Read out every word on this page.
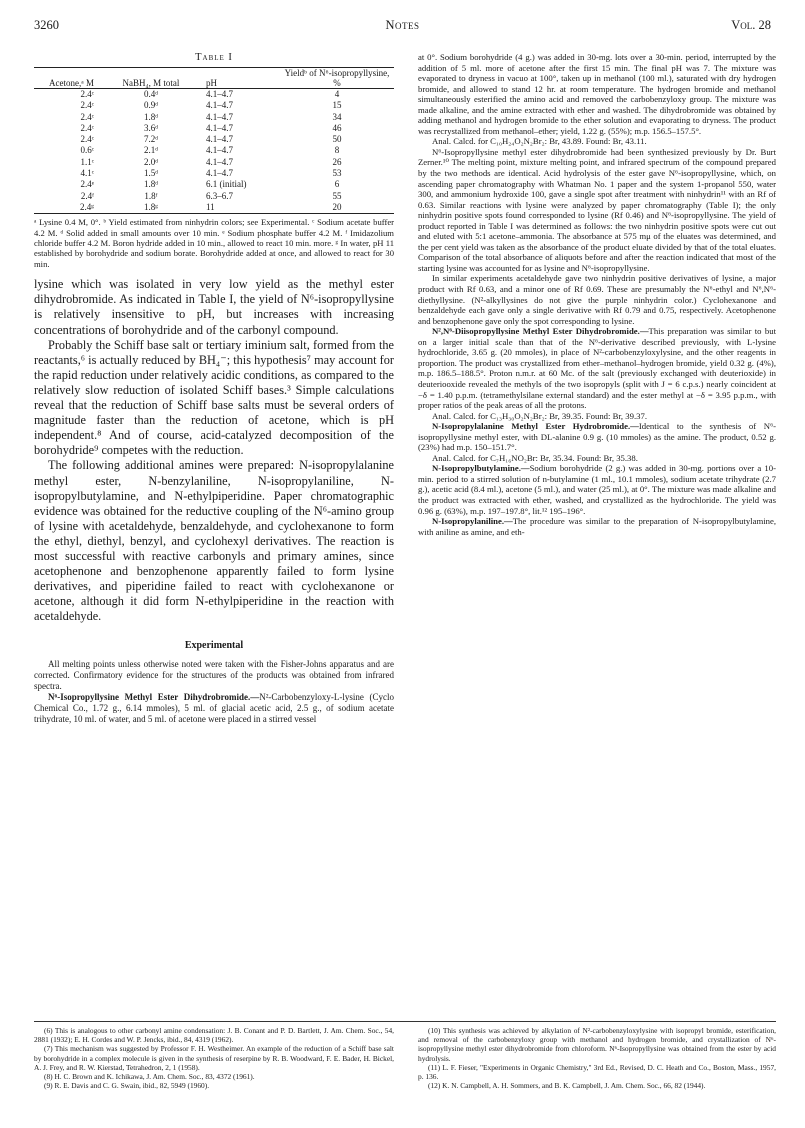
3260	Notes	Vol. 28
Table I
Acetone,ᵃ M	NaBH₄, M total	pH	Yieldᵇ of N⁶-isopropyllysine, %
2.4ᶜ	0.4ᵈ	4.1–4.7	4
2.4ᶜ	0.9ᵈ	4.1–4.7	15
2.4ᶜ	1.8ᵈ	4.1–4.7	34
2.4ᶜ	3.6ᵈ	4.1–4.7	46
2.4ᶜ	7.2ᵈ	4.1–4.7	50
0.6ᶜ	2.1ᵈ	4.1–4.7	8
1.1ᶜ	2.0ᵈ	4.1–4.7	26
4.1ᶜ	1.5ᵈ	4.1–4.7	53
2.4ᵉ	1.8ᵈ	6.1 (initial)	6
2.4ᶠ	1.8ᶠ	6.3–6.7	55
2.4ᵍ	1.8ᵍ	11	20
ᵃ Lysine 0.4 M, 0°. ᵇ Yield estimated from ninhydrin colors; see Experimental. ᶜ Sodium acetate buffer 4.2 M. ᵈ Solid added in small amounts over 10 min. ᵉ Sodium phosphate buffer 4.2 M. ᶠ Imidazolium chloride buffer 4.2 M. Boron hydride added in 10 min., allowed to react 10 min. more. ᵍ In water, pH 11 established by borohydride and sodium borate. Borohydride added at once, and allowed to react for 30 min.

lysine which was isolated in very low yield as the methyl ester dihydrobromide. As indicated in Table I, the yield of N⁶-isopropyllysine is relatively insensitive to pH, but increases with increasing concentrations of borohydride and of the carbonyl compound.

Probably the Schiff base salt or tertiary iminium salt, formed from the reactants,⁶ is actually reduced by BH₄⁻; this hypothesis⁷ may account for the rapid reduction under relatively acidic conditions, as compared to the relatively slow reduction of isolated Schiff bases.³ Simple calculations reveal that the reduction of Schiff base salts must be several orders of magnitude faster than the reduction of acetone, which is pH independent.⁸ And of course, acid-catalyzed decomposition of the borohydride⁹ competes with the reduction.

The following additional amines were prepared: N-isopropylalanine methyl ester, N-benzylaniline, N-isopropylaniline, N-isopropylbutylamine, and N-ethylpiperidine. Paper chromatographic evidence was obtained for the reductive coupling of the N⁶-amino group of lysine with acetaldehyde, benzaldehyde, and cyclohexanone to form the ethyl, diethyl, benzyl, and cyclohexyl derivatives. The reaction is most successful with reactive carbonyls and primary amines, since acetophenone and benzophenone apparently failed to form lysine derivatives, and piperidine failed to react with cyclohexanone or acetone, although it did form N-ethylpiperidine in the reaction with acetaldehyde.

Experimental

All melting points unless otherwise noted were taken with the Fisher-Johns apparatus and are corrected. Confirmatory evidence for the structures of the products was obtained from infrared spectra.

N⁶-Isopropyllysine Methyl Ester Dihydrobromide.—N²-Carbobenzyloxy-L-lysine (Cyclo Chemical Co., 1.72 g., 6.14 mmoles), 5 ml. of glacial acetic acid, 2.5 g., of sodium acetate trihydrate, 10 ml. of water, and 5 ml. of acetone were placed in a stirred vessel

at 0°. Sodium borohydride (4 g.) was added in 30-mg. lots over a 30-min. period, interrupted by the addition of 5 ml. more of acetone after the first 15 min. The final pH was 7. The mixture was evaporated to dryness in vacuo at 100°, taken up in methanol (100 ml.), saturated with dry hydrogen bromide, and allowed to stand 12 hr. at room temperature. The hydrogen bromide and methanol simultaneously esterified the amino acid and removed the carbobenzyloxy group. The mixture was made alkaline, and the amine extracted with ether and washed. The dihydrobromide was obtained by adding methanol and hydrogen bromide to the ether solution and evaporating to dryness. The product was recrystallized from methanol–ether; yield, 1.22 g. (55%); m.p. 156.5–157.5°.

Anal. Calcd. for C₁₀H₂₄O₂N₂Br₂: Br, 43.89. Found: Br, 43.11.

N⁶-Isopropyllysine methyl ester dihydrobromide had been synthesized previously by Dr. Burt Zerner.¹⁰ The melting point, mixture melting point, and infrared spectrum of the compound prepared by the two methods are identical. Acid hydrolysis of the ester gave N⁶-isopropyllysine, which, on ascending paper chromatography with Whatman No. 1 paper and the system 1-propanol 550, water 300, and ammonium hydroxide 100, gave a single spot after treatment with ninhydrin¹¹ with an Rf of 0.63. Similar reactions with lysine were analyzed by paper chromatography (Table I); the only ninhydrin positive spots found corresponded to lysine (Rf 0.46) and N⁶-isopropyllysine. The yield of product reported in Table I was determined as follows: the two ninhydrin positive spots were cut out and eluted with 5:1 acetone–ammonia. The absorbance at 575 mμ of the eluates was determined, and the per cent yield was taken as the absorbance of the product eluate divided by that of the total eluates. Comparison of the total absorbance of aliquots before and after the reaction indicated that most of the starting lysine was accounted for as lysine and N⁶-isopropyllysine.

In similar experiments acetaldehyde gave two ninhydrin positive derivatives of lysine, a major product with Rf 0.63, and a minor one of Rf 0.69. These are presumably the N⁶-ethyl and N⁶,N⁶-diethyllysine. (N²-alkyllysines do not give the purple ninhydrin color.) Cyclohexanone and benzaldehyde each gave only a single derivative with Rf 0.79 and 0.75, respectively. Acetophenone and benzophenone gave only the spot corresponding to lysine.

N²,N⁶-Diisopropyllysine Methyl Ester Dihydrobromide.—This preparation was similar to but on a larger initial scale than that of the N⁶-derivative described previously, with L-lysine hydrochloride, 3.65 g. (20 mmoles), in place of N²-carbobenzyloxylysine, and the other reagents in proportion. The product was crystallized from ether–methanol–hydrogen bromide, yield 0.32 g. (4%), m.p. 186.5–188.5°. Proton n.m.r. at 60 Mc. of the salt (previously exchanged with deuterioxide) in deuteriooxide revealed the methyls of the two isopropyls (split with J = 6 c.p.s.) nearly coincident at −δ = 1.40 p.p.m. (tetramethylsilane external standard) and the ester methyl at −δ = 3.95 p.p.m., with proper ratios of the peak areas of all the protons.

Anal. Calcd. for C₁₃H₃₀O₂N₂Br₂: Br, 39.35. Found: Br, 39.37.

N-Isopropylalanine Methyl Ester Hydrobromide.—Identical to the synthesis of N⁶-isopropyllysine methyl ester, with DL-alanine 0.9 g. (10 mmoles) as the amine. The product, 0.52 g. (23%) had m.p. 150–151.7°.

Anal. Calcd. for C₇H₁₆NO₂Br: Br, 35.34. Found: Br, 35.38.

N-Isopropylbutylamine.—Sodium borohydride (2 g.) was added in 30-mg. portions over a 10-min. period to a stirred solution of n-butylamine (1 ml., 10.1 mmoles), sodium acetate trihydrate (2.7 g.), acetic acid (8.4 ml.), acetone (5 ml.), and water (25 ml.), at 0°. The mixture was made alkaline and the product was extracted with ether, washed, and crystallized as the hydrochloride. The yield was 0.96 g. (63%), m.p. 197–197.8°, lit.¹² 195–196°.

N-Isopropylaniline.—The procedure was similar to the preparation of N-isopropylbutylamine, with aniline as amine, and eth-

(6) This is analogous to other carbonyl amine condensation: J. B. Conant and P. D. Bartlett, J. Am. Chem. Soc., 54, 2881 (1932); E. H. Cordes and W. P. Jencks, ibid., 84, 4319 (1962).

(7) This mechanism was suggested by Professor F. H. Westheimer. An example of the reduction of a Schiff base salt by borohydride in a complex molecule is given in the synthesis of reserpine by R. B. Woodward, F. E. Bader, H. Bickel, A. J. Frey, and R. W. Kierstad, Tetrahedron, 2, 1 (1958).

(8) H. C. Brown and K. Ichikawa, J. Am. Chem. Soc., 83, 4372 (1961).

(9) R. E. Davis and C. G. Swain, ibid., 82, 5949 (1960).

(10) This synthesis was achieved by alkylation of N²-carbobenzyloxylysine with isopropyl bromide, esterification, and removal of the carbobenzyloxy group with methanol and hydrogen bromide, and crystallization of N⁶-isopropyllysine methyl ester dihydrobromide from chloroform. N⁶-Isopropyllysine was obtained from the ester by acid hydrolysis.

(11) L. F. Fieser, "Experiments in Organic Chemistry," 3rd Ed., Revised, D. C. Heath and Co., Boston, Mass., 1957, p. 136.

(12) K. N. Campbell, A. H. Sommers, and B. K. Campbell, J. Am. Chem. Soc., 66, 82 (1944).
